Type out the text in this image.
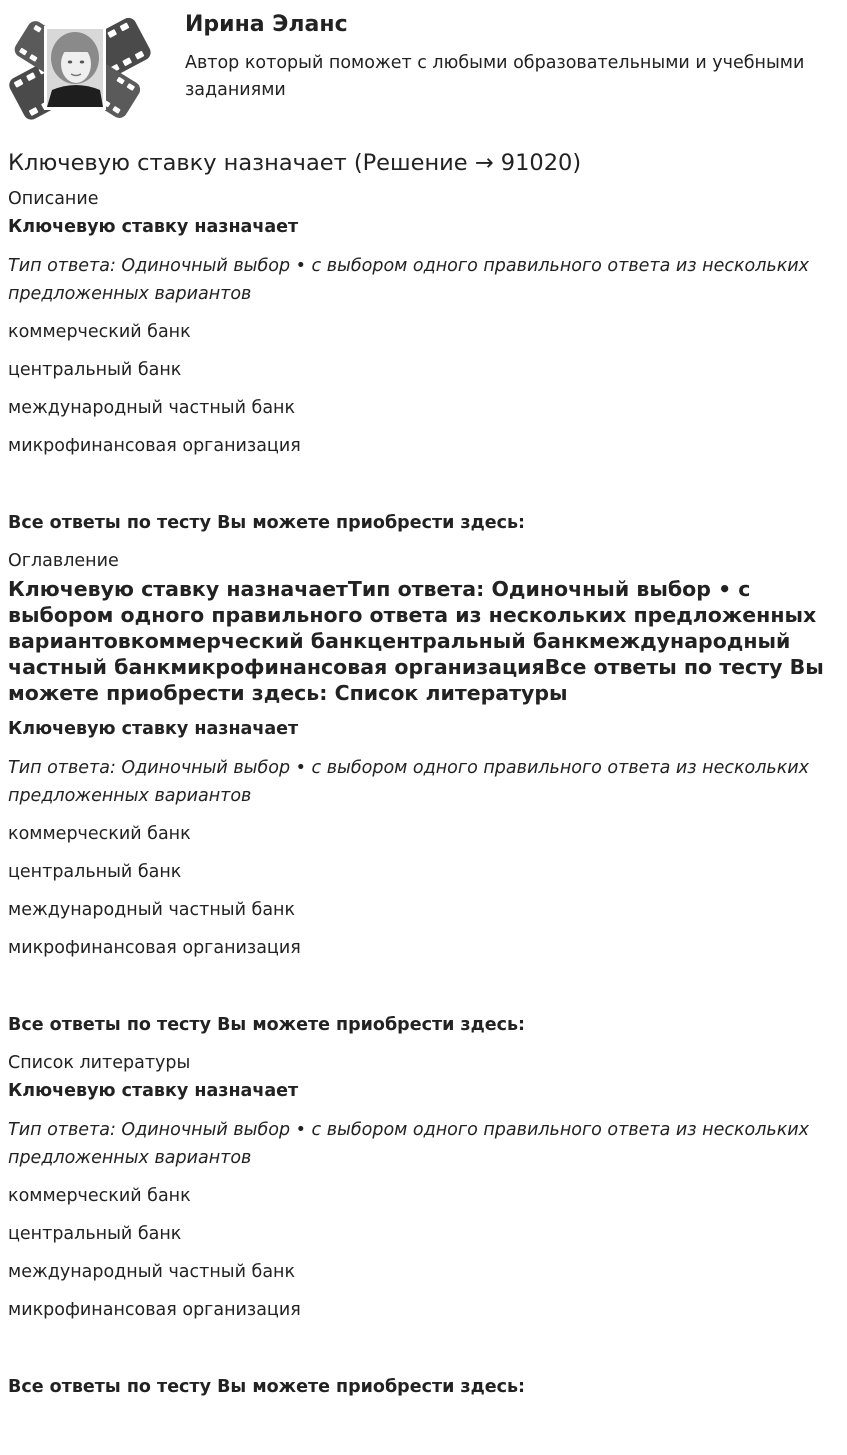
Ирина Эланс

Автор который поможет с любыми образовательными и учебными заданиями

Ключевую ставку назначает (Решение → 91020)

Описание

Ключевую ставку назначает

Тип ответа: Одиночный выбор • с выбором одного правильного ответа из нескольких предложенных вариантов

коммерческий банк

центральный банк

международный частный банк

микрофинансовая организация

Все ответы по тесту Вы можете приобрести здесь:

Оглавление

Ключевую ставку назначаетТип ответа: Одиночный выбор • с выбором одного правильного ответа из нескольких предложенных вариантовкоммерческий банкцентральный банкмеждународный частный банкмикрофинансовая организацияВсе ответы по тесту Вы можете приобрести здесь: Список литературы

Ключевую ставку назначает

Тип ответа: Одиночный выбор • с выбором одного правильного ответа из нескольких предложенных вариантов

коммерческий банк

центральный банк

международный частный банк

микрофинансовая организация

Все ответы по тесту Вы можете приобрести здесь:

Список литературы

Ключевую ставку назначает

Тип ответа: Одиночный выбор • с выбором одного правильного ответа из нескольких предложенных вариантов

коммерческий банк

центральный банк

международный частный банк

микрофинансовая организация

Все ответы по тесту Вы можете приобрести здесь:
